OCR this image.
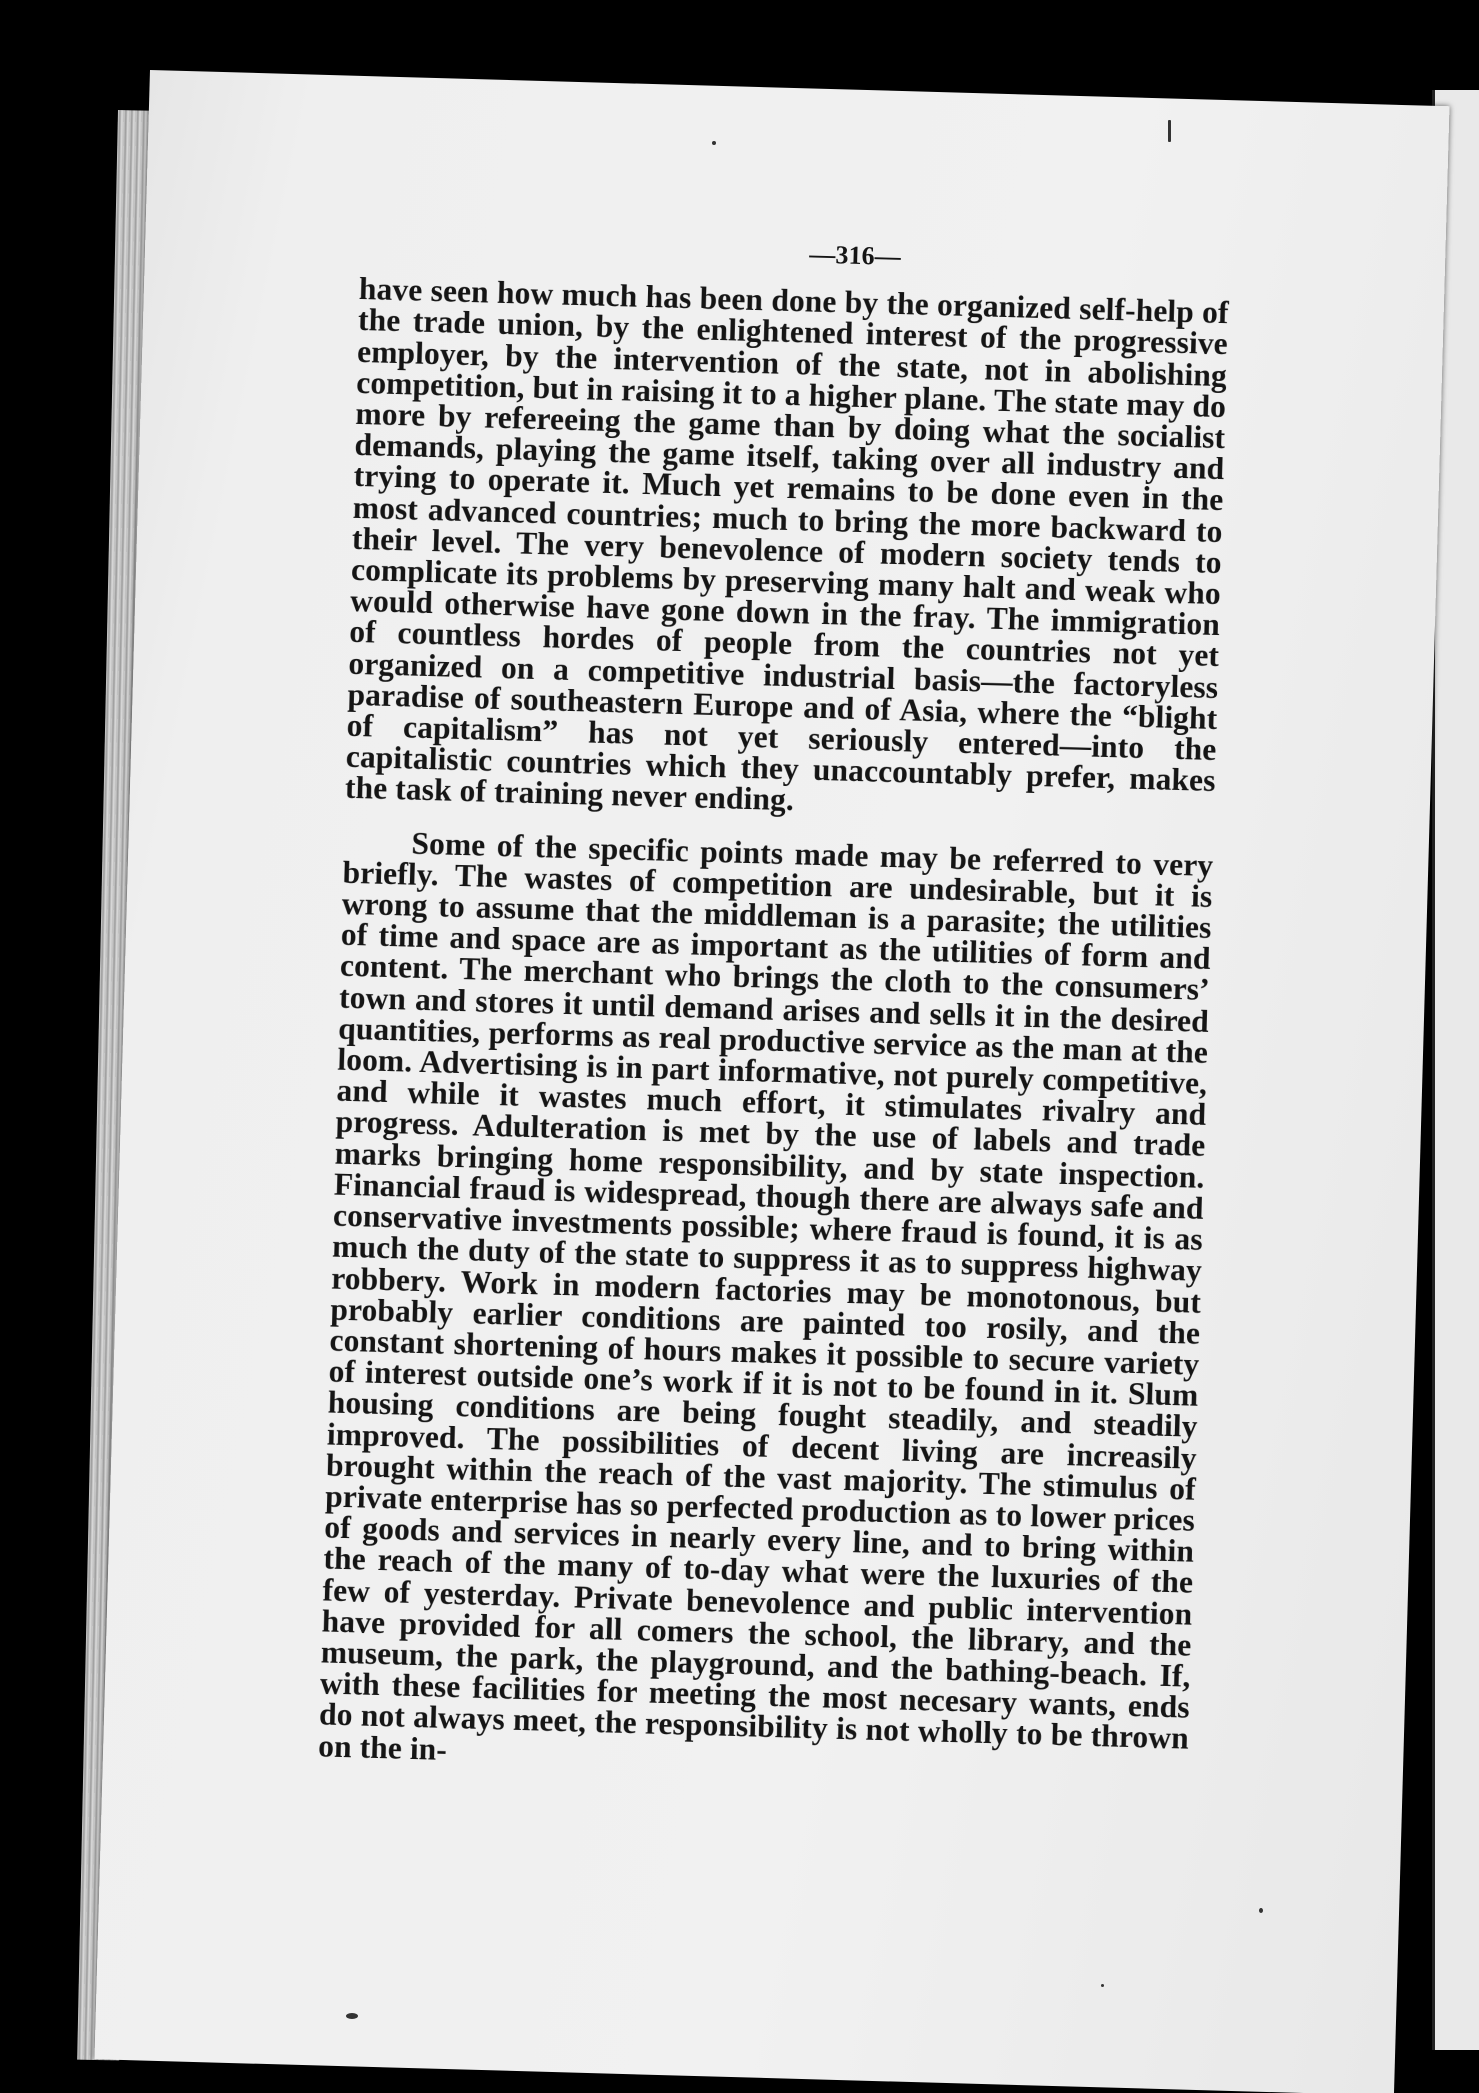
—316—

have seen how much has been done by the organized self-help of the trade union, by the enlightened interest of the progressive employer, by the intervention of the state, not in abolishing competition, but in raising it to a higher plane. The state may do more by refereeing the game than by doing what the socialist demands, playing the game itself, taking over all industry and trying to operate it. Much yet remains to be done even in the most advanced countries; much to bring the more backward to their level. The very benevolence of modern society tends to complicate its problems by preserving many halt and weak who would otherwise have gone down in the fray. The immigration of countless hordes of people from the countries not yet organized on a competitive industrial basis—the factoryless paradise of southeastern Europe and of Asia, where the “blight of capitalism” has not yet seriously entered—into the capitalistic countries which they unaccountably prefer, makes the task of training never ending.

Some of the specific points made may be referred to very briefly. The wastes of competition are undesirable, but it is wrong to assume that the middleman is a parasite; the utilities of time and space are as important as the utilities of form and content. The merchant who brings the cloth to the consumers’ town and stores it until demand arises and sells it in the desired quantities, performs as real productive service as the man at the loom. Advertising is in part informative, not purely competitive, and while it wastes much effort, it stimulates rivalry and progress. Adulteration is met by the use of labels and trade marks bringing home responsibility, and by state inspection. Financial fraud is widespread, though there are always safe and conservative investments possible; where fraud is found, it is as much the duty of the state to suppress it as to suppress highway robbery. Work in modern factories may be monotonous, but probably earlier conditions are painted too rosily, and the constant shortening of hours makes it possible to secure variety of interest outside one’s work if it is not to be found in it. Slum housing conditions are being fought steadily, and steadily improved. The possibilities of decent living are increasily brought within the reach of the vast majority. The stimulus of private enterprise has so perfected production as to lower prices of goods and services in nearly every line, and to bring within the reach of the many of to-day what were the luxuries of the few of yesterday. Private benevolence and public intervention have provided for all comers the school, the library, and the museum, the park, the playground, and the bathing-beach. If, with these facilities for meeting the most necesary wants, ends do not always meet, the responsibility is not wholly to be thrown on the in-
